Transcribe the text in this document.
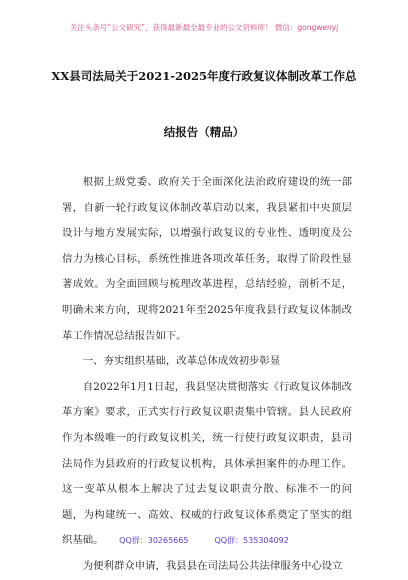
关注头条号“公文研究”，获得最新最全最专业的公文资料库！ 微信：gongwenyj
XX县司法局关于2021-2025年度行政复议体制改革工作总
结报告（精品）

根据上级党委、政府关于全面深化法治政府建设的统一部署，自新一轮行政复议体制改革启动以来，我县紧扣中央顶层设计与地方发展实际，以增强行政复议的专业性、透明度及公信力为核心目标，系统性推进各项改革任务，取得了阶段性显著成效。为全面回顾与梳理改革进程，总结经验，剖析不足，明确未来方向，现将2021年至2025年度我县行政复议体制改革工作情况总结报告如下。

一、夯实组织基础，改革总体成效初步彰显

自2022年1月1日起，我县坚决贯彻落实《行政复议体制改革方案》要求，正式实行行政复议职责集中管辖。县人民政府作为本级唯一的行政复议机关，统一行使行政复议职责，县司法局作为县政府的行政复议机构，具体承担案件的办理工作。这一变革从根本上解决了过去复议职责分散、标准不一的问题，为构建统一、高效、权威的行政复议体系奠定了坚实的组织基础。

为便利群众申请，我县县在司法局公共法律服务中心设立

QQ群：30265665	QQ群：535304092
